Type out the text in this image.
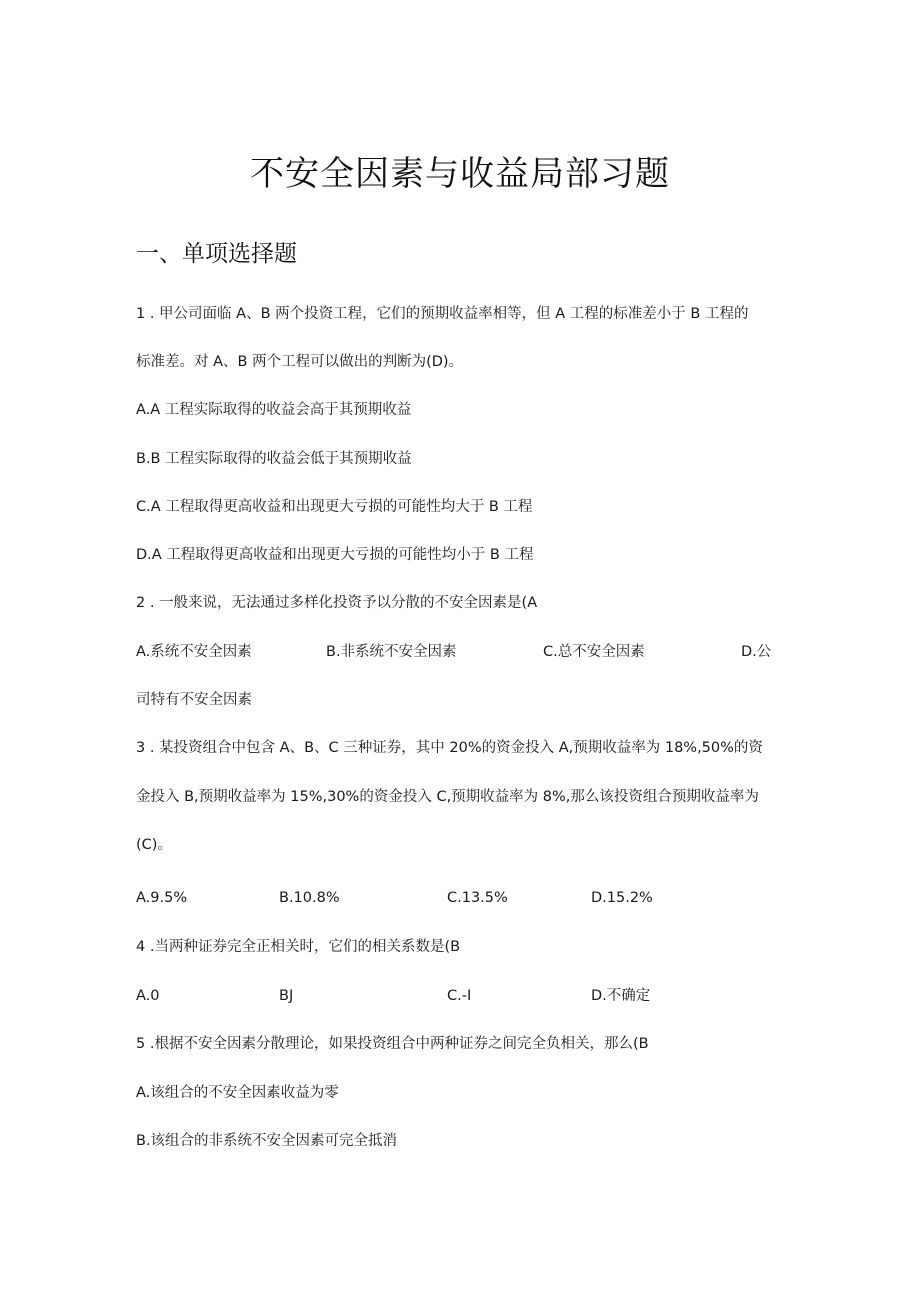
不安全因素与收益局部习题
一、单项选择题
1 . 甲公司面临 A、B 两个投资工程，它们的预期收益率相等，但 A 工程的标准差小于 B 工程的
标准差。对 A、B 两个工程可以做出的判断为(D)。
A.A 工程实际取得的收益会高于其预期收益
B.B 工程实际取得的收益会低于其预期收益
C.A 工程取得更高收益和出现更大亏损的可能性均大于 B 工程
D.A 工程取得更高收益和出现更大亏损的可能性均小于 B 工程
2 . 一般来说，无法通过多样化投资予以分散的不安全因素是(A
A.系统不安全因素	B.非系统不安全因素	C.总不安全因素	D.公
司特有不安全因素
3 . 某投资组合中包含 A、B、C 三种证券，其中 20%的资金投入 A,预期收益率为 18%,50%的资
金投入 B,预期收益率为 15%,30%的资金投入 C,预期收益率为 8%,那么该投资组合预期收益率为
(C)。
A.9.5%	B.10.8%	C.13.5%	D.15.2%
4 .当两种证券完全正相关时，它们的相关系数是(B
A.0	BJ	C.-I	D.不确定
5 .根据不安全因素分散理论，如果投资组合中两种证券之间完全负相关，那么(B
A.该组合的不安全因素收益为零
B.该组合的非系统不安全因素可完全抵消
